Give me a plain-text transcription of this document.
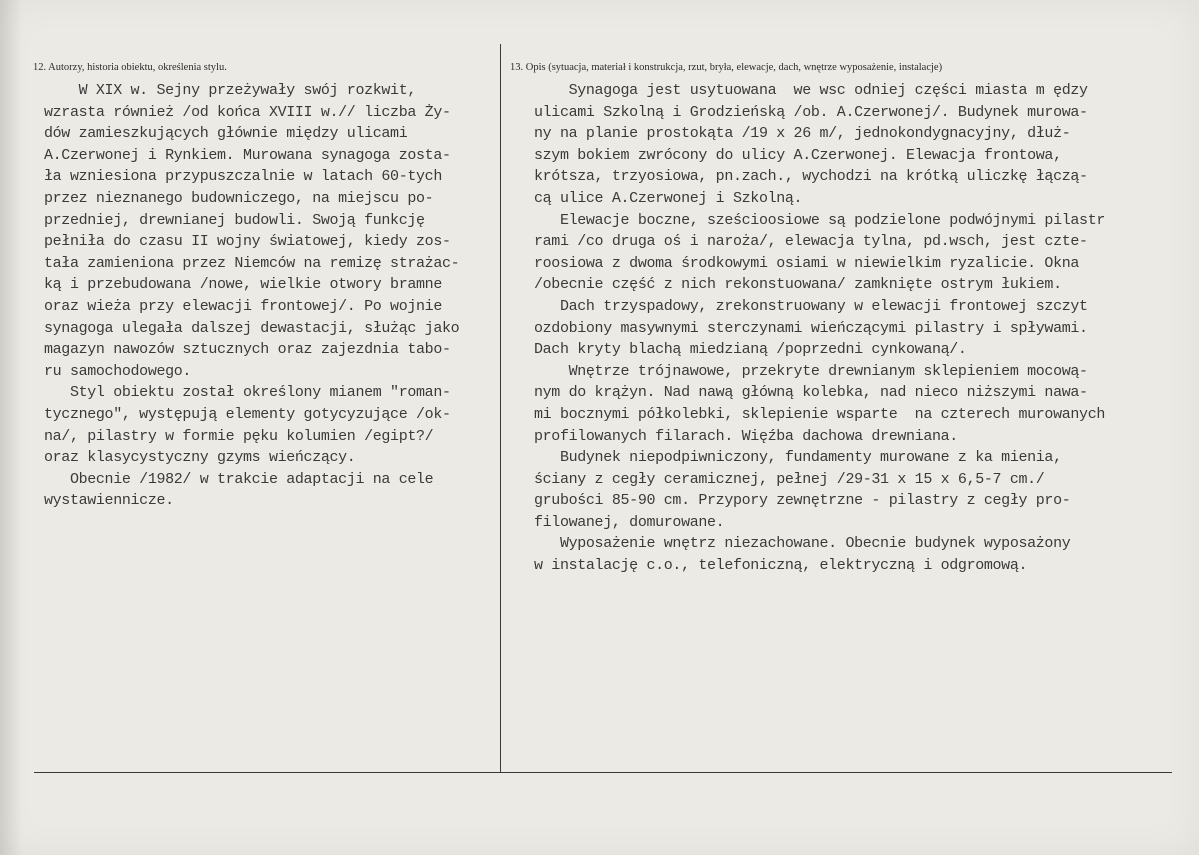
12. Autorzy, historia obiektu, określenia stylu.	13. Opis (sytuacja, materiał i konstrukcja, rzut, bryła, elewacje, dach, wnętrze wyposażenie, instalacje)
W XIX w. Sejny przeżywały swój rozkwit,
wzrasta również /od końca XVIII w.// liczba Ży-
dów zamieszkujących głównie między ulicami
A.Czerwonej i Rynkiem. Murowana synagoga zosta-
ła wzniesiona przypuszczalnie w latach 60-tych
przez nieznanego budowniczego, na miejscu po-
przedniej, drewnianej budowli. Swoją funkcję
pełniła do czasu II wojny światowej, kiedy zos-
tała zamieniona przez Niemców na remizę strażac-
ką i przebudowana /nowe, wielkie otwory bramne
oraz wieża przy elewacji frontowej/. Po wojnie
synagoga ulegała dalszej dewastacji, służąc jako
magazyn nawozów sztucznych oraz zajezdnia tabo-
ru samochodowego.
Styl obiektu został określony mianem "roman-
tycznego", występują elementy gotycyzujące /ok-
na/, pilastry w formie pęku kolumien /egipt?/
oraz klasycystyczny gzyms wieńczący.
Obecnie /1982/ w trakcie adaptacji na cele
wystawiennicze.
Synagoga jest usytuowana  we wsc odniej części miasta m ędzy
ulicami Szkolną i Grodzieńską /ob. A.Czerwonej/. Budynek murowa-
ny na planie prostokąta /19 x 26 m/, jednokondygnacyjny, dłuż-
szym bokiem zwrócony do ulicy A.Czerwonej. Elewacja frontowa,
krótsza, trzyosiowa, pn.zach., wychodzi na krótką uliczkę łączą-
cą ulice A.Czerwonej i Szkolną.
Elewacje boczne, sześcioosiowe są podzielone podwójnymi pilastr
rami /co druga oś i naroża/, elewacja tylna, pd.wsch, jest czte-
roosiowa z dwoma środkowymi osiami w niewielkim ryzalicie. Okna
/obecnie część z nich rekonstuowana/ zamknięte ostrym łukiem.
Dach trzyspadowy, zrekonstruowany w elewacji frontowej szczyt
ozdobiony masywnymi sterczynami wieńczącymi pilastry i spływami.
Dach kryty blachą miedzianą /poprzedni cynkowaną/.
Wnętrze trójnawowe, przekryte drewnianym sklepieniem mocową-
nym do krążyn. Nad nawą główną kolebka, nad nieco niższymi nawa-
mi bocznymi półkolebki, sklepienie wsparte  na czterech murowanych
profilowanych filarach. Więźba dachowa drewniana.
Budynek niepodpiwniczony, fundamenty murowane z ka mienia,
ściany z cegły ceramicznej, pełnej /29-31 x 15 x 6,5-7 cm./
grubości 85-90 cm. Przypory zewnętrzne - pilastry z cegły pro-
filowanej, domurowane.
Wyposażenie wnętrz niezachowane. Obecnie budynek wyposażony
w instalację c.o., telefoniczną, elektryczną i odgromową.
